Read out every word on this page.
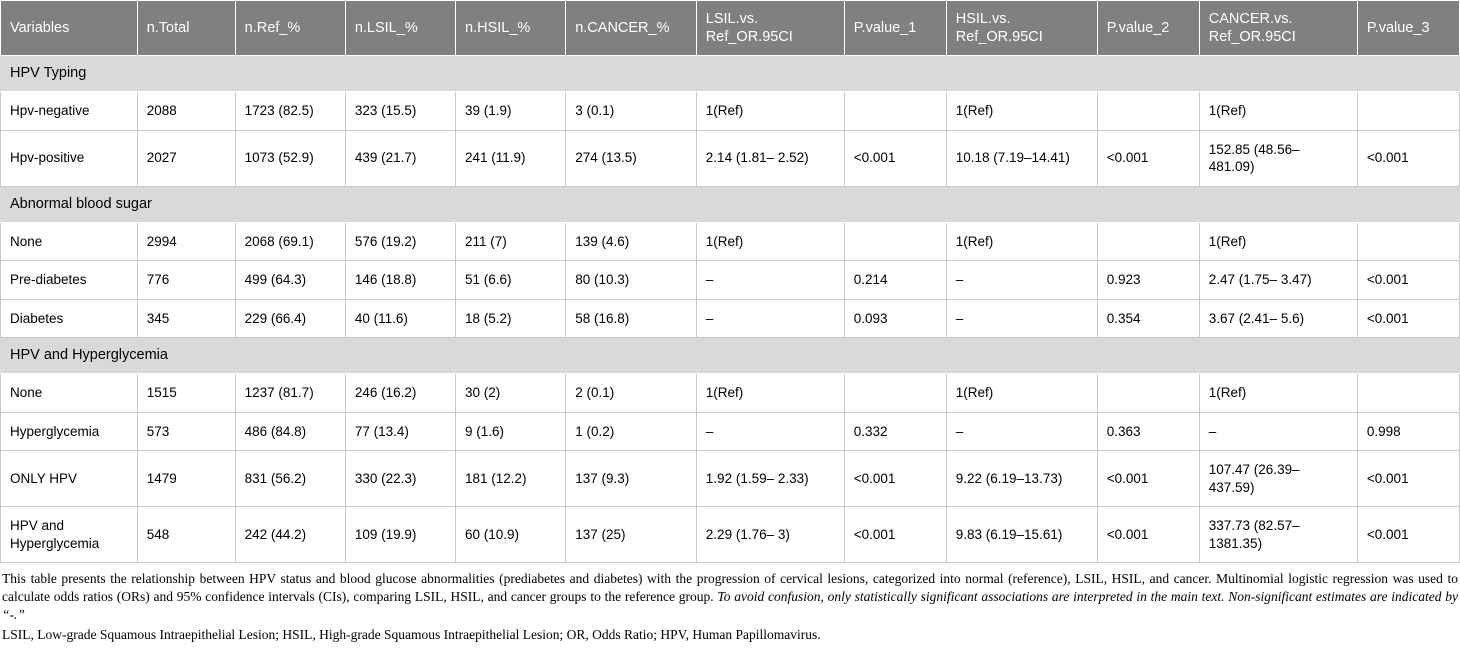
Variables	n.Total	n.Ref_%	n.LSIL_%	n.HSIL_%	n.CANCER_%	LSIL.vs. Ref_OR.95CI	P.value_1	HSIL.vs. Ref_OR.95CI	P.value_2	CANCER.vs. Ref_OR.95CI	P.value_3
HPV Typing											
Hpv-negative	2088	1723 (82.5)	323 (15.5)	39 (1.9)	3 (0.1)	1(Ref)		1(Ref)		1(Ref)	
Hpv-positive	2027	1073 (52.9)	439 (21.7)	241 (11.9)	274 (13.5)	2.14 (1.81– 2.52)	<0.001	10.18 (7.19–14.41)	<0.001	152.85 (48.56– 481.09)	<0.001
Abnormal blood sugar											
None	2994	2068 (69.1)	576 (19.2)	211 (7)	139 (4.6)	1(Ref)		1(Ref)		1(Ref)	
Pre-diabetes	776	499 (64.3)	146 (18.8)	51 (6.6)	80 (10.3)	–	0.214	–	0.923	2.47 (1.75– 3.47)	<0.001
Diabetes	345	229 (66.4)	40 (11.6)	18 (5.2)	58 (16.8)	–	0.093	–	0.354	3.67 (2.41– 5.6)	<0.001
HPV and Hyperglycemia											
None	1515	1237 (81.7)	246 (16.2)	30 (2)	2 (0.1)	1(Ref)		1(Ref)		1(Ref)	
Hyperglycemia	573	486 (84.8)	77 (13.4)	9 (1.6)	1 (0.2)	–	0.332	–	0.363	–	0.998
ONLY HPV	1479	831 (56.2)	330 (22.3)	181 (12.2)	137 (9.3)	1.92 (1.59– 2.33)	<0.001	9.22 (6.19–13.73)	<0.001	107.47 (26.39– 437.59)	<0.001
HPV and Hyperglycemia	548	242 (44.2)	109 (19.9)	60 (10.9)	137 (25)	2.29 (1.76– 3)	<0.001	9.83 (6.19–15.61)	<0.001	337.73 (82.57– 1381.35)	<0.001

This table presents the relationship between HPV status and blood glucose abnormalities (prediabetes and diabetes) with the progression of cervical lesions, categorized into normal (reference), LSIL, HSIL, and cancer. Multinomial logistic regression was used to calculate odds ratios (ORs) and 95% confidence intervals (CIs), comparing LSIL, HSIL, and cancer groups to the reference group. To avoid confusion, only statistically significant associations are interpreted in the main text. Non-significant estimates are indicated by “-.”

LSIL, Low-grade Squamous Intraepithelial Lesion; HSIL, High-grade Squamous Intraepithelial Lesion; OR, Odds Ratio; HPV, Human Papillomavirus.
